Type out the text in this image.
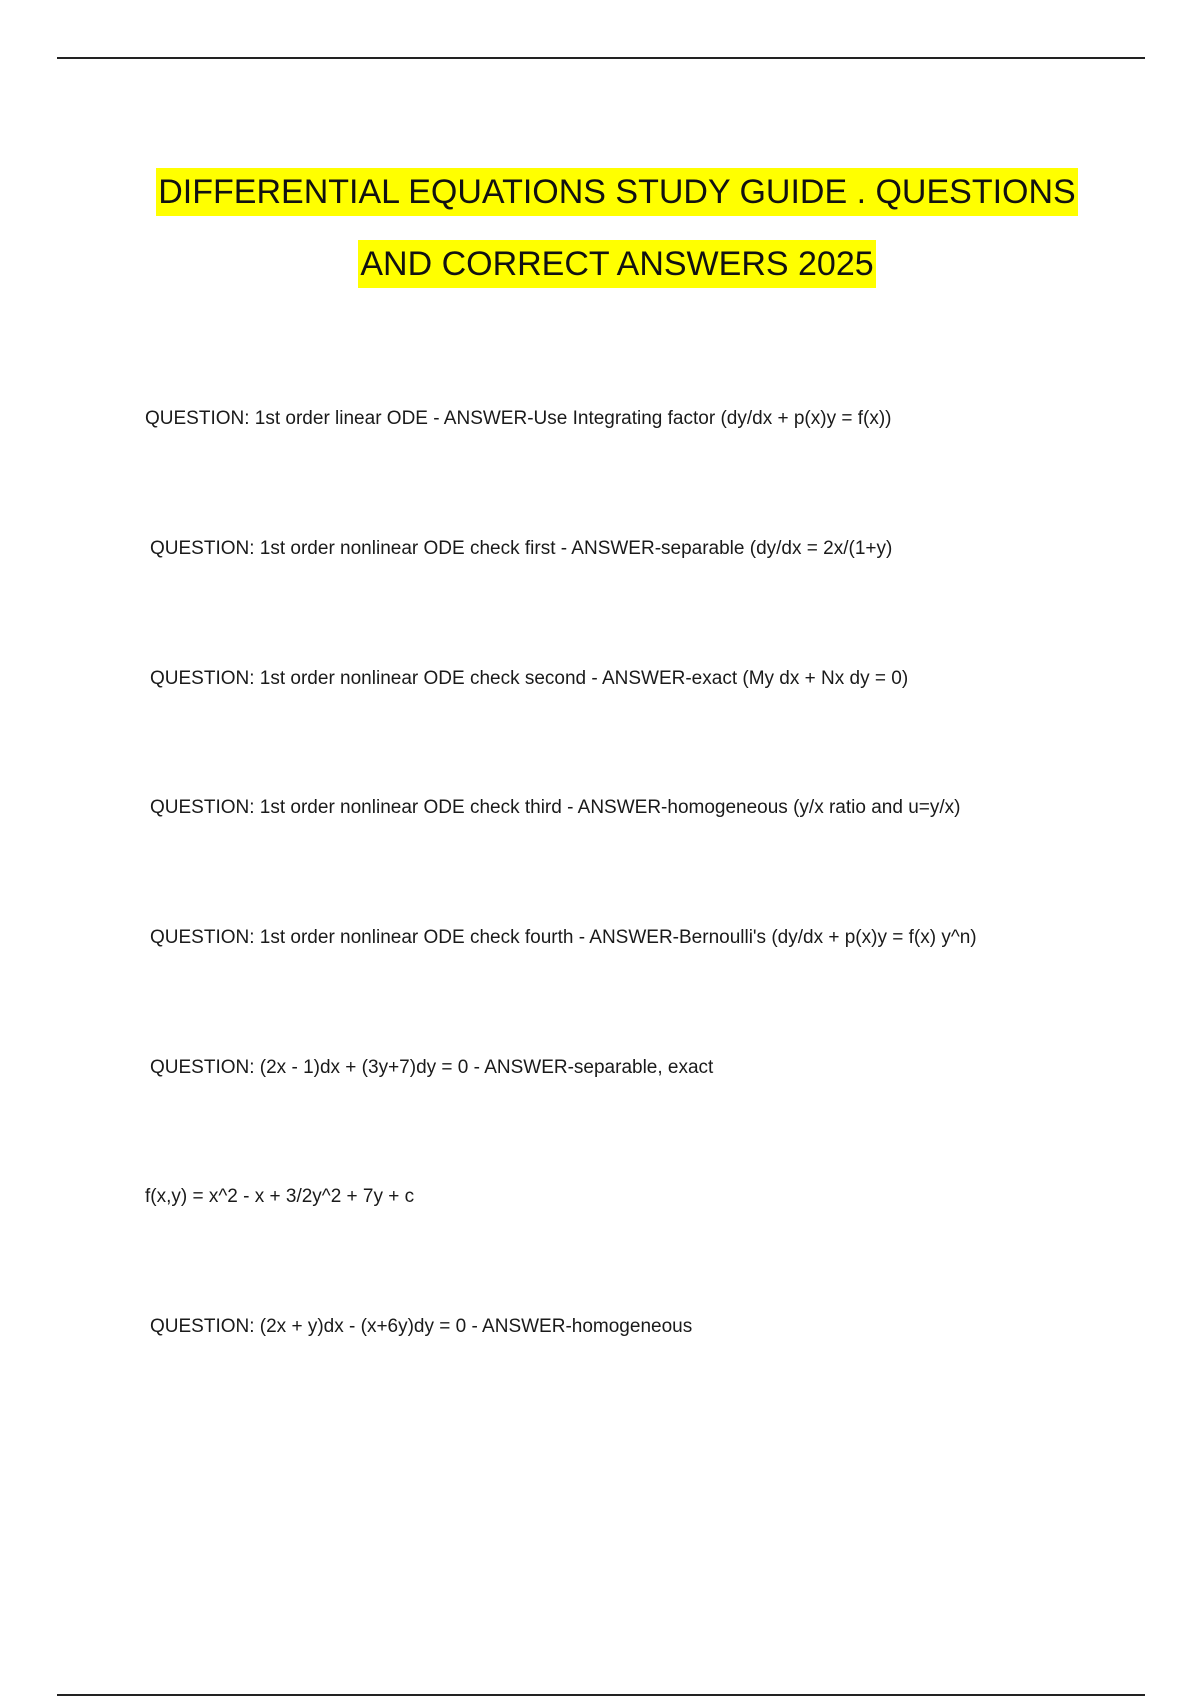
DIFFERENTIAL EQUATIONS STUDY GUIDE . QUESTIONS
AND CORRECT ANSWERS 2025
QUESTION: 1st order linear ODE - ANSWER-Use Integrating factor (dy/dx + p(x)y = f(x))
QUESTION: 1st order nonlinear ODE check first - ANSWER-separable (dy/dx = 2x/(1+y)
QUESTION: 1st order nonlinear ODE check second - ANSWER-exact (My dx + Nx dy = 0)
QUESTION: 1st order nonlinear ODE check third - ANSWER-homogeneous (y/x ratio and u=y/x)
QUESTION: 1st order nonlinear ODE check fourth - ANSWER-Bernoulli's (dy/dx + p(x)y = f(x) y^n)
QUESTION: (2x - 1)dx + (3y+7)dy = 0 - ANSWER-separable, exact
f(x,y) = x^2 - x + 3/2y^2 + 7y + c
QUESTION: (2x + y)dx - (x+6y)dy = 0 - ANSWER-homogeneous
